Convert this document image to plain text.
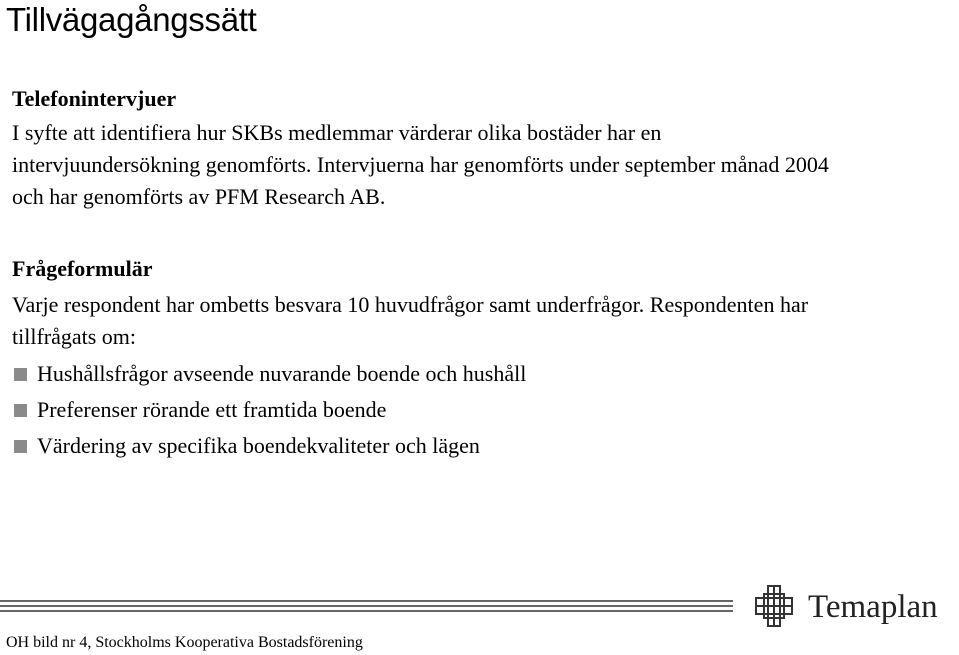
Tillvägagångssätt
Telefonintervjuer
I syfte att identifiera hur SKBs medlemmar värderar olika bostäder har en
intervjuundersökning genomförts. Intervjuerna har genomförts under september månad 2004
och har genomförts av PFM Research AB.
Frågeformulär
Varje respondent har ombetts besvara 10 huvudfrågor samt underfrågor. Respondenten har
tillfrågats om:
Hushållsfrågor avseende nuvarande boende och hushåll
Preferenser rörande ett framtida boende
Värdering av specifika boendekvaliteter och lägen
OH bild nr 4, Stockholms Kooperativa Bostadsförening
Temaplan
